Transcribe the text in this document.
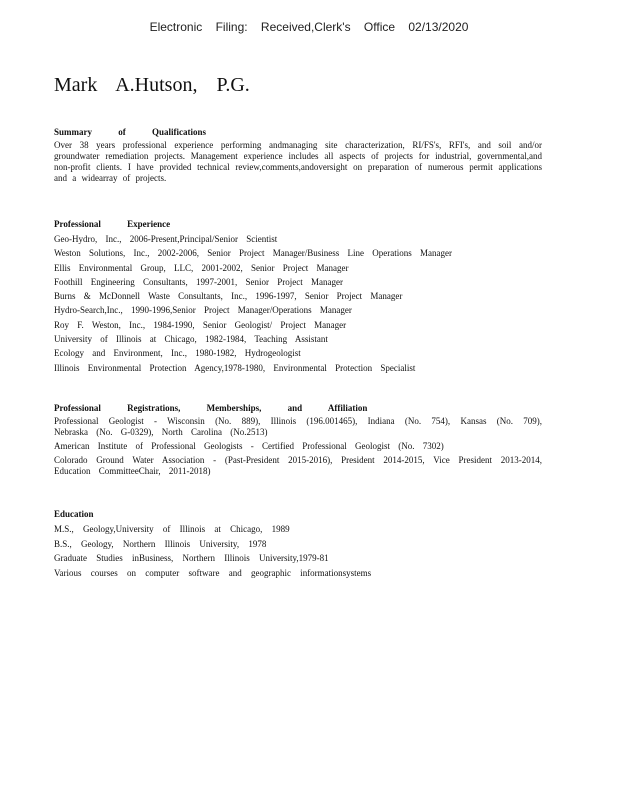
Electronic Filing: Received,Clerk's Office 02/13/2020
Mark A.Hutson, P.G.
Summary of Qualifications
Over 38 years professional experience performing andmanaging site characterization, RI/FS's, RFI's, and soil and/or groundwater remediation projects. Management experience includes all aspects of projects for industrial, governmental,and non-profit clients. I have provided technical review,comments,andoversight on preparation of numerous permit applications and a widearray of projects.
Professional Experience
Geo-Hydro, Inc., 2006-Present,Principal/Senior Scientist
Weston Solutions, Inc., 2002-2006, Senior Project Manager/Business Line Operations Manager
Ellis Environmental Group, LLC, 2001-2002, Senior Project Manager
Foothill Engineering Consultants, 1997-2001, Senior Project Manager
Burns & McDonnell Waste Consultants, Inc., 1996-1997, Senior Project Manager
Hydro-Search,Inc., 1990-1996,Senior Project Manager/Operations Manager
Roy F. Weston, Inc., 1984-1990, Senior Geologist/ Project Manager
University of Illinois at Chicago, 1982-1984, Teaching Assistant
Ecology and Environment, Inc., 1980-1982, Hydrogeologist
Illinois Environmental Protection Agency,1978-1980, Environmental Protection Specialist
Professional Registrations, Memberships, and Affiliation
Professional Geologist - Wisconsin (No. 889), Illinois (196.001465), Indiana (No. 754), Kansas (No. 709), Nebraska (No. G-0329), North Carolina (No.2513)
American Institute of Professional Geologists - Certified Professional Geologist (No. 7302)
Colorado Ground Water Association - (Past-President 2015-2016), President 2014-2015, Vice President 2013-2014, Education CommitteeChair, 2011-2018)
Education
M.S., Geology,University of Illinois at Chicago, 1989
B.S., Geology, Northern Illinois University, 1978
Graduate Studies inBusiness, Northern Illinois University,1979-81
Various courses on computer software and geographic informationsystems
